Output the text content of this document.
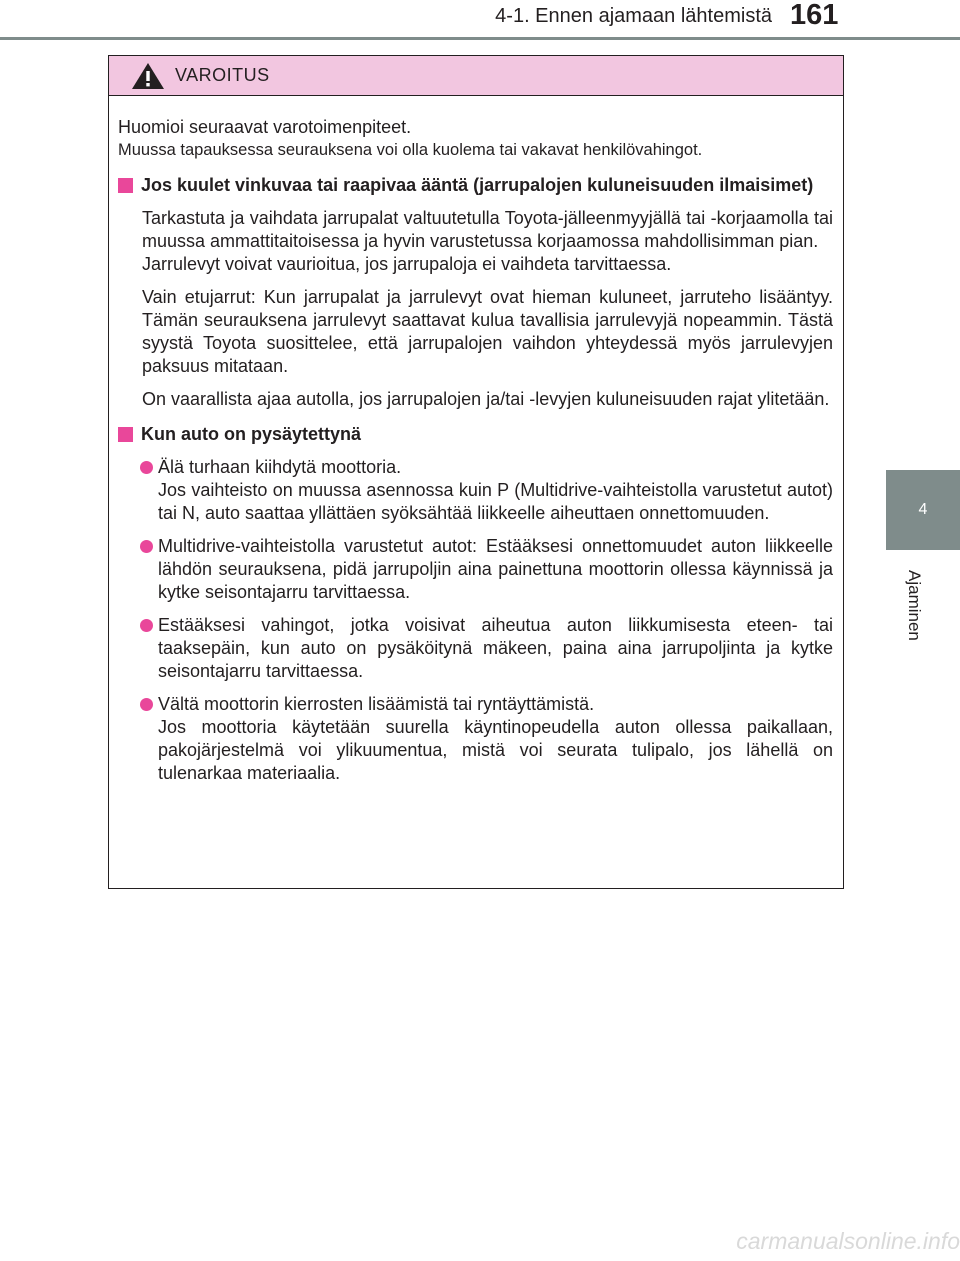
4-1. Ennen ajamaan lähtemistä 161
4
Ajaminen
VAROITUS

Huomioi seuraavat varotoimenpiteet.

Muussa tapauksessa seurauksena voi olla kuolema tai vakavat henkilövahingot.

Jos kuulet vinkuvaa tai raapivaa ääntä (jarrupalojen kuluneisuuden ilmaisimet)
Tarkastuta ja vaihdata jarrupalat valtuutetulla Toyota-jälleenmyyjällä tai -korjaamolla tai muussa ammattitaitoisessa ja hyvin varustetussa korjaamossa mahdollisimman pian.
Jarrulevyt voivat vaurioitua, jos jarrupaloja ei vaihdeta tarvittaessa.
Vain etujarrut: Kun jarrupalat ja jarrulevyt ovat hieman kuluneet, jarruteho lisääntyy. Tämän seurauksena jarrulevyt saattavat kulua tavallisia jarrulevyjä nopeammin. Tästä syystä Toyota suosittelee, että jarrupalojen vaihdon yhteydessä myös jarrulevyjen paksuus mitataan.
On vaarallista ajaa autolla, jos jarrupalojen ja/tai -levyjen kuluneisuuden rajat ylitetään.
Kun auto on pysäytettynä
Älä turhaan kiihdytä moottoria.
Jos vaihteisto on muussa asennossa kuin P (Multidrive-vaihteistolla varustetut autot) tai N, auto saattaa yllättäen syöksähtää liikkeelle aiheuttaen onnettomuuden.
Multidrive-vaihteistolla varustetut autot: Estääksesi onnettomuudet auton liikkeelle lähdön seurauksena, pidä jarrupoljin aina painettuna moottorin ollessa käynnissä ja kytke seisontajarru tarvittaessa.
Estääksesi vahingot, jotka voisivat aiheutua auton liikkumisesta eteen- tai taaksepäin, kun auto on pysäköitynä mäkeen, paina aina jarrupoljinta ja kytke seisontajarru tarvittaessa.
Vältä moottorin kierrosten lisäämistä tai ryntäyttämistä.
Jos moottoria käytetään suurella käyntinopeudella auton ollessa paikallaan, pakojärjestelmä voi ylikuumentua, mistä voi seurata tulipalo, jos lähellä on tulenarkaa materiaalia.
carmanualsonline.info
